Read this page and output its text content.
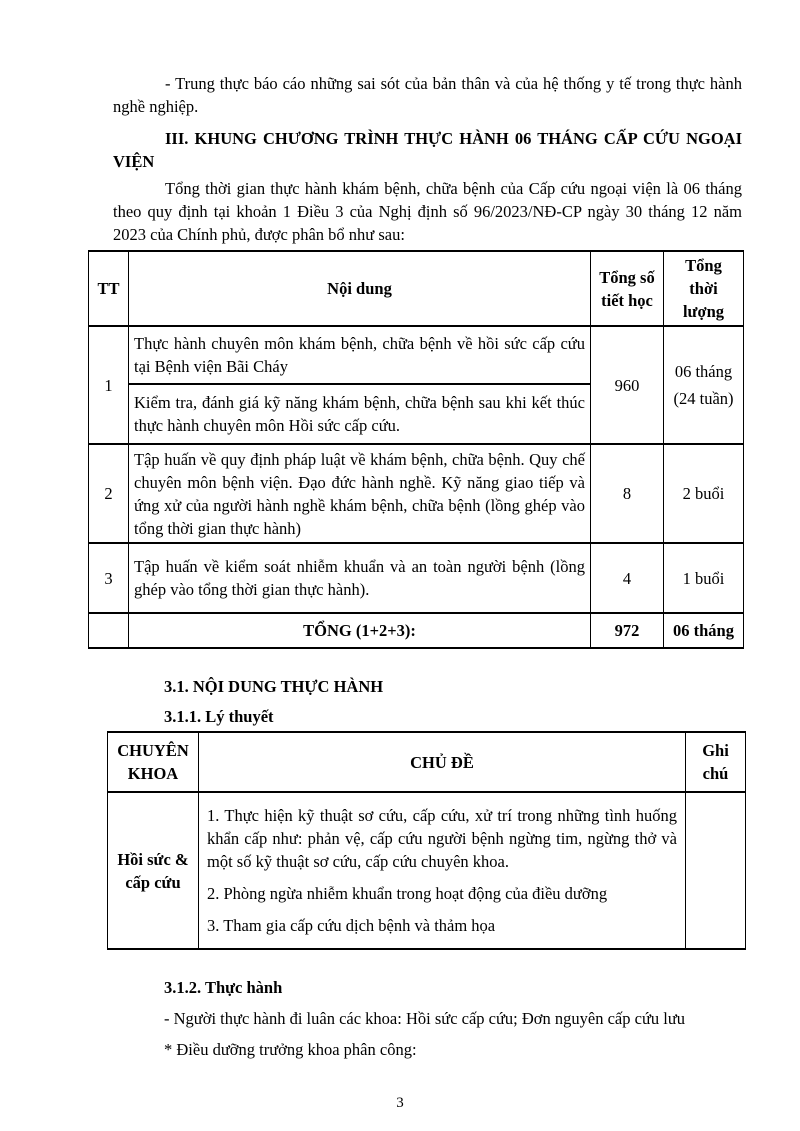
- Trung thực báo cáo những sai sót của bản thân và của hệ thống y tế trong thực hành nghề nghiệp.

III. KHUNG CHƯƠNG TRÌNH THỰC HÀNH 06 THÁNG CẤP CỨU NGOẠI VIỆN

Tổng thời gian thực hành khám bệnh, chữa bệnh của Cấp cứu ngoại viện là 06 tháng theo quy định tại khoản 1 Điều 3 của Nghị định số 96/2023/NĐ-CP ngày 30 tháng 12 năm 2023 của Chính phủ, được phân bổ như sau:

TT	Nội dung	Tổng số tiết học	Tổng thời lượng
1	Thực hành chuyên môn khám bệnh, chữa bệnh về hồi sức cấp cứu tại Bệnh viện Bãi Cháy	960	06 tháng
(24 tuần)

	Kiểm tra, đánh giá kỹ năng khám bệnh, chữa bệnh sau khi kết thúc thực hành chuyên môn Hồi sức cấp cứu.		
2	Tập huấn về quy định pháp luật về khám bệnh, chữa bệnh. Quy chế chuyên môn bệnh viện. Đạo đức hành nghề. Kỹ năng giao tiếp và ứng xử của người hành nghề khám bệnh, chữa bệnh (lồng ghép vào tổng thời gian thực hành)	8	2 buổi
3	Tập huấn về kiểm soát nhiễm khuẩn và an toàn người bệnh (lồng ghép vào tổng thời gian thực hành).	4	1 buổi
	TỔNG (1+2+3):	972	06 tháng

3.1. NỘI DUNG THỰC HÀNH

3.1.1. Lý thuyết

CHUYÊN KHOA	CHỦ ĐỀ	Ghi chú
Hồi sức & cấp cứu	1. Thực hiện kỹ thuật sơ cứu, cấp cứu, xử trí trong những tình huống khẩn cấp như: phản vệ, cấp cứu người bệnh ngừng tim, ngừng thở và một số kỹ thuật sơ cứu, cấp cứu chuyên khoa.

2. Phòng ngừa nhiễm khuẩn trong hoạt động của điều dưỡng

3. Tham gia cấp cứu dịch bệnh và thảm họa	

3.1.2. Thực hành

- Người thực hành đi luân các khoa: Hồi sức cấp cứu; Đơn nguyên cấp cứu lưu

* Điều dưỡng trưởng khoa phân công:

3
